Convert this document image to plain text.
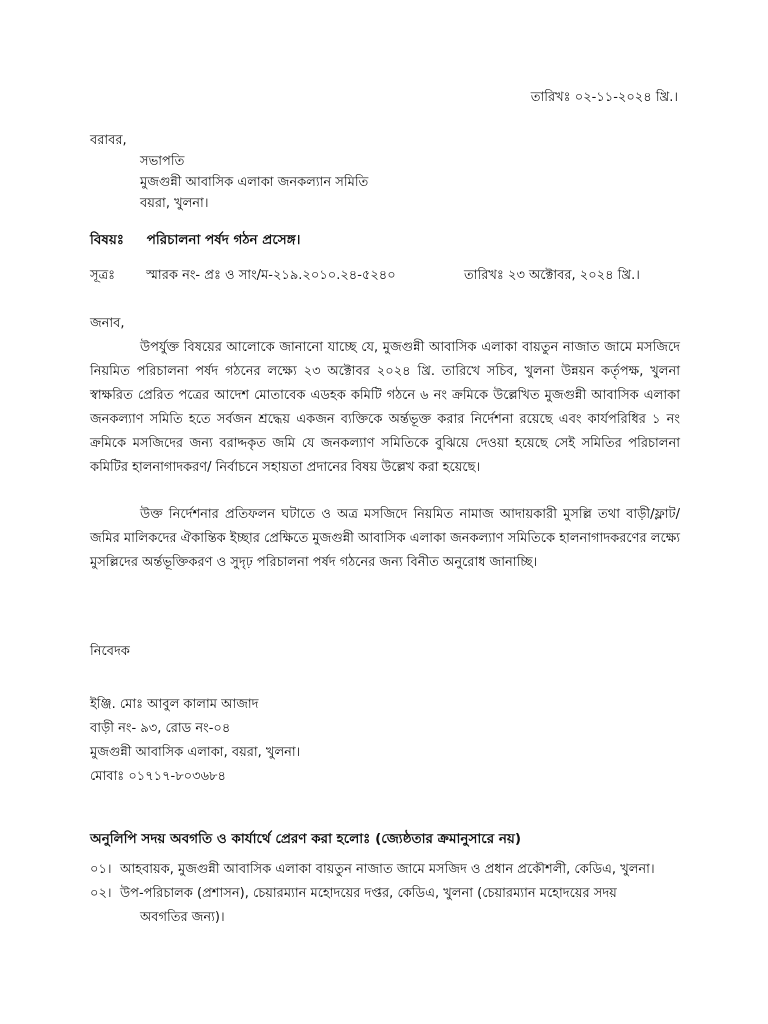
তারিখঃ ০২-১১-২০২৪ খ্রি.।
বরাবর,
সভাপতি
মুজগুন্নী আবাসিক এলাকা জনকল্যান সমিতি
বয়রা, খুলনা।
বিষয়ঃ পরিচালনা পর্ষদ গঠন প্রসেঙ্গ।
সূত্রঃ স্মারক নং- প্রঃ ও সাং/ম-২১৯.২০১০.২৪-৫২৪০	তারিখঃ ২৩ অক্টোবর, ২০২৪ খ্রি.।
জনাব,

উপর্যুক্ত বিষয়ের আলোকে জানানো যাচ্ছে যে, মুজগুন্নী আবাসিক এলাকা বায়তুন নাজাত জামে মসজিদে নিয়মিত পরিচালনা পর্ষদ গঠনের লক্ষ্যে ২৩ অক্টোবর ২০২৪ খ্রি. তারিখে সচিব, খুলনা উন্নয়ন কর্তৃপক্ষ, খুলনা স্বাক্ষরিত প্রেরিত পত্রের আদেশ মোতাবেক এডহক কমিটি গঠনে ৬ নং ক্রমিকে উল্লেখিত মুজগুন্নী আবাসিক এলাকা জনকল্যাণ সমিতি হতে সর্বজন শ্রদ্ধেয় একজন ব্যক্তিকে অর্ন্তভূক্ত করার নির্দেশনা রয়েছে এবং কার্যপরিধির ১ নং ক্রমিকে মসজিদের জন্য বরাদ্দকৃত জমি যে জনকল্যাণ সমিতিকে বুঝিয়ে দেওয়া হয়েছে সেই সমিতির পরিচালনা কমিটির হালনাগাদকরণ/ নির্বাচনে সহায়তা প্রদানের বিষয় উল্লেখ করা হয়েছে।

উক্ত নির্দেশনার প্রতিফলন ঘটাতে ও অত্র মসজিদে নিয়মিত নামাজ আদায়কারী মুসল্লি তথা বাড়ী/ফ্লাট/জমির মালিকদের ঐকান্তিক ইচ্ছার প্রেক্ষিতে মুজগুন্নী আবাসিক এলাকা জনকল্যাণ সমিতিকে হালনাগাদকরণের লক্ষ্যে মুসল্লিদের অর্ন্তভূক্তিকরণ ও সুদৃঢ় পরিচালনা পর্ষদ গঠনের জন্য বিনীত অনুরোধ জানাচ্ছি।

নিবেদক
ইঞ্জি. মোঃ আবুল কালাম আজাদ
বাড়ী নং- ৯৩, রোড নং-০৪
মুজগুন্নী আবাসিক এলাকা, বয়রা, খুলনা।
মোবাঃ ০১৭১৭-৮০৩৬৮৪
অনুলিপি সদয় অবগতি ও কার্যার্থে প্রেরণ করা হলোঃ (জ্যেষ্ঠতার ক্রমানুসারে নয়)
০১। আহবায়ক, মুজগুন্নী আবাসিক এলাকা বায়তুন নাজাত জামে মসজিদ ও প্রধান প্রকৌশলী, কেডিএ, খুলনা।
০২। উপ-পরিচালক (প্রশাসন), চেয়ারম্যান মহোদয়ের দপ্তর, কেডিএ, খুলনা (চেয়ারম্যান মহোদয়ের সদয়
অবগতির জন্য)।
